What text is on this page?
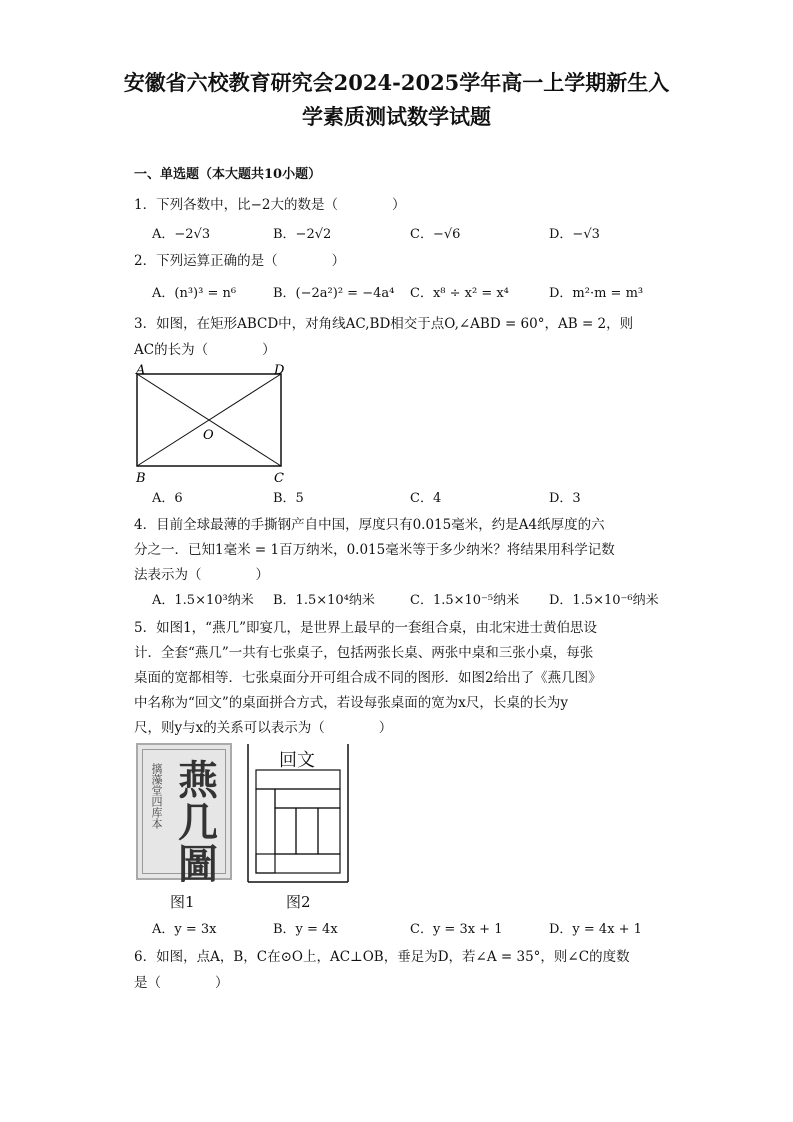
安徽省六校教育研究会2024-2025学年高一上学期新生入
学素质测试数学试题
一、单选题（本大题共10小题）
1．下列各数中，比−2大的数是（　　　　）
A．−2√3	B．−2√2	C．−√6	D．−√3
2．下列运算正确的是（　　　　）
A．(n³)³ = n⁶	B．(−2a²)² = −4a⁴ C．x⁸ ÷ x² = x⁴	D．m²·m = m³
3．如图，在矩形ABCD中，对角线AC,BD相交于点O,∠ABD = 60°，AB = 2，则
AC的长为（　　　　）
A	D
B	C
O
A．6	B．5	C．4	D．3
4．目前全球最薄的手撕钢产自中国，厚度只有0.015毫米，约是A4纸厚度的六
分之一．已知1毫米 = 1百万纳米，0.015毫米等于多少纳米？将结果用科学记数
法表示为（　　　　）
A．1.5×10³纳米 B．1.5×10⁴纳米	C．1.5×10⁻⁵纳米 D．1.5×10⁻⁶纳米
5．如图1，“燕几”即宴几，是世界上最早的一套组合桌，由北宋进士黄伯思设
计．全套“燕几”一共有七张桌子，包括两张长桌、两张中桌和三张小桌，每张
桌面的宽都相等．七张桌面分开可组合成不同的图形．如图2给出了《燕几图》
中名称为“回文”的桌面拼合方式，若设每张桌面的宽为x尺，长桌的长为y
尺，则y与x的关系可以表示为（　　　　）
摛藻堂四库本 燕
几
圖
回文
图1	图2
A．y = 3x	B．y = 4x	C．y = 3x + 1	D．y = 4x + 1
6．如图，点A，B，C在⊙O上，AC⊥OB，垂足为D，若∠A = 35°，则∠C的度数
是（　　　　）
